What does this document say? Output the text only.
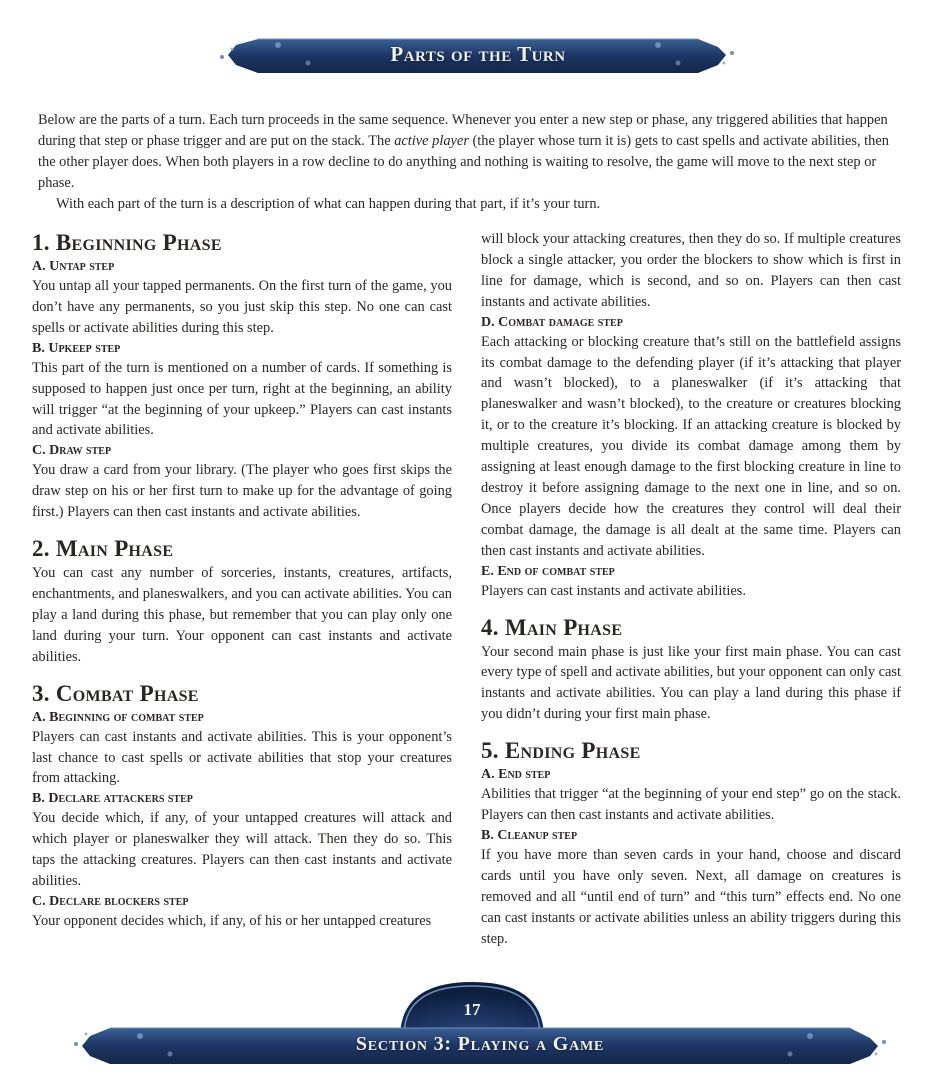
Parts of the Turn

Below are the parts of a turn. Each turn proceeds in the same sequence. Whenever you enter a new step or phase, any triggered abilities that happen during that step or phase trigger and are put on the stack. The active player (the player whose turn it is) gets to cast spells and activate abilities, then the other player does. When both players in a row decline to do anything and nothing is waiting to resolve, the game will move to the next step or phase.

With each part of the turn is a description of what can happen during that part, if it’s your turn.

1. Beginning Phase
A. Untap step

You untap all your tapped permanents. On the first turn of the game, you don’t have any permanents, so you just skip this step. No one can cast spells or activate abilities during this step.

B. Upkeep step

This part of the turn is mentioned on a number of cards. If something is supposed to happen just once per turn, right at the beginning, an ability will trigger “at the beginning of your upkeep.” Players can cast instants and activate abilities.

C. Draw step

You draw a card from your library. (The player who goes first skips the draw step on his or her first turn to make up for the advantage of going first.) Players can then cast instants and activate abilities.

2. Main Phase

You can cast any number of sorceries, instants, creatures, artifacts, enchantments, and planeswalkers, and you can activate abilities. You can play a land during this phase, but remember that you can play only one land during your turn. Your opponent can cast instants and activate abilities.

3. Combat Phase
A. Beginning of combat step

Players can cast instants and activate abilities. This is your opponent’s last chance to cast spells or activate abilities that stop your creatures from attacking.

B. Declare attackers step

You decide which, if any, of your untapped creatures will attack and which player or planeswalker they will attack. Then they do so. This taps the attacking creatures. Players can then cast instants and activate abilities.

C. Declare blockers step

Your opponent decides which, if any, of his or her untapped creatures

will block your attacking creatures, then they do so. If multiple creatures block a single attacker, you order the blockers to show which is first in line for damage, which is second, and so on. Players can then cast instants and activate abilities.

D. Combat damage step

Each attacking or blocking creature that’s still on the battlefield assigns its combat damage to the defending player (if it’s attacking that player and wasn’t blocked), to a planeswalker (if it’s attacking that planeswalker and wasn’t blocked), to the creature or creatures blocking it, or to the creature it’s blocking. If an attacking creature is blocked by multiple creatures, you divide its combat damage among them by assigning at least enough damage to the first blocking creature in line to destroy it before assigning damage to the next one in line, and so on. Once players decide how the creatures they control will deal their combat damage, the damage is all dealt at the same time. Players can then cast instants and activate abilities.

E. End of combat step

Players can cast instants and activate abilities.

4. Main Phase

Your second main phase is just like your first main phase. You can cast every type of spell and activate abilities, but your opponent can only cast instants and activate abilities. You can play a land during this phase if you didn’t during your first main phase.

5. Ending Phase
A. End step

Abilities that trigger “at the beginning of your end step” go on the stack. Players can then cast instants and activate abilities.

B. Cleanup step

If you have more than seven cards in your hand, choose and discard cards until you have only seven. Next, all damage on creatures is removed and all “until end of turn” and “this turn” effects end. No one can cast instants or activate abilities unless an ability triggers during this step.

17
Section 3: Playing a Game
